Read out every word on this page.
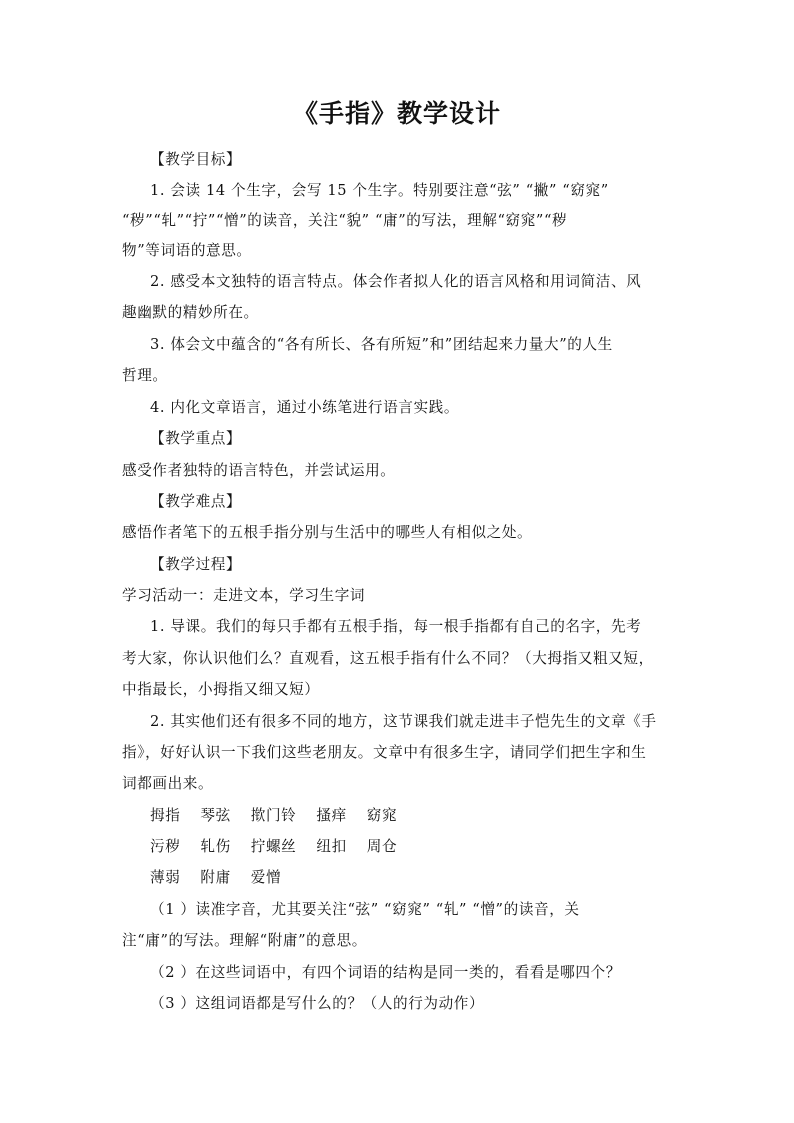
《手指》教学设计
【教学目标】
1. 会读 14 个生字，会写 15 个生字。特别要注意“弦” “撇” “窈窕”
“秽”“轧”“拧”“憎”的读音，关注“貌” “庸”的写法，理解“窈窕”“秽
物”等词语的意思。
2. 感受本文独特的语言特点。体会作者拟人化的语言风格和用词简洁、风
趣幽默的精妙所在。
3. 体会文中蕴含的“各有所长、各有所短”和”团结起来力量大”的人生
哲理。
4. 内化文章语言，通过小练笔进行语言实践。
【教学重点】
感受作者独特的语言特色，并尝试运用。
【教学难点】
感悟作者笔下的五根手指分别与生活中的哪些人有相似之处。
【教学过程】
学习活动一：走进文本，学习生字词
1. 导课。我们的每只手都有五根手指，每一根手指都有自己的名字，先考
考大家，你认识他们么？直观看，这五根手指有什么不同？（大拇指又粗又短，
中指最长，小拇指又细又短）
2. 其实他们还有很多不同的地方，这节课我们就走进丰子恺先生的文章《手
指》，好好认识一下我们这些老朋友。文章中有很多生字，请同学们把生字和生
词都画出来。
拇指 琴弦 揿门铃 搔痒 窈窕
污秽 轧伤 拧螺丝 纽扣 周仓
薄弱 附庸 爱憎
（1 ）读准字音，尤其要关注“弦” “窈窕” “轧” “憎”的读音，关
注“庸”的写法。理解“附庸”的意思。
（2 ）在这些词语中，有四个词语的结构是同一类的，看看是哪四个？
（3 ）这组词语都是写什么的？（人的行为动作）
